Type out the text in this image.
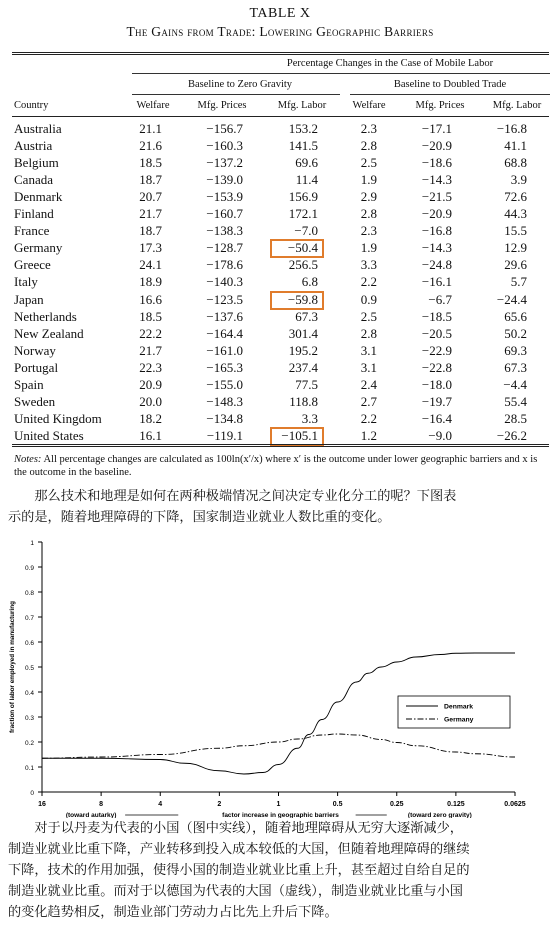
TABLE X
The Gains from Trade: Lowering Geographic Barriers
Percentage Changes in the Case of Mobile Labor
Baseline to Zero Gravity	Baseline to Doubled Trade
Country	Welfare	Mfg. Prices	Mfg. Labor	Welfare	Mfg. Prices	Mfg. Labor
Australia	21.1	−156.7	153.2	2.3	−17.1	−16.8
Austria	21.6	−160.3	141.5	2.8	−20.9	41.1
Belgium	18.5	−137.2	69.6	2.5	−18.6	68.8
Canada	18.7	−139.0	11.4	1.9	−14.3	3.9
Denmark	20.7	−153.9	156.9	2.9	−21.5	72.6
Finland	21.7	−160.7	172.1	2.8	−20.9	44.3
France	18.7	−138.3	−7.0	2.3	−16.8	15.5
Germany	17.3	−128.7	−50.4	1.9	−14.3	12.9
Greece	24.1	−178.6	256.5	3.3	−24.8	29.6
Italy	18.9	−140.3	6.8	2.2	−16.1	5.7
Japan	16.6	−123.5	−59.8	0.9	−6.7	−24.4
Netherlands	18.5	−137.6	67.3	2.5	−18.5	65.6
New Zealand	22.2	−164.4	301.4	2.8	−20.5	50.2
Norway	21.7	−161.0	195.2	3.1	−22.9	69.3
Portugal	22.3	−165.3	237.4	3.1	−22.8	67.3
Spain	20.9	−155.0	77.5	2.4	−18.0	−4.4
Sweden	20.0	−148.3	118.8	2.7	−19.7	55.4
United Kingdom	18.2	−134.8	3.3	2.2	−16.4	28.5
United States	16.1	−119.1	−105.1	1.2	−9.0	−26.2
Notes: All percentage changes are calculated as 100ln(x′/x) where x′ is the outcome under lower geographic barriers and x is the outcome in the baseline.
　　那么技术和地理是如何在两种极端情况之间决定专业化分工的呢？下图表
示的是，随着地理障碍的下降，国家制造业就业人数比重的变化。
0
0.1
0.2
0.3
0.4
0.5
0.6
0.7
0.8
0.9
1
16	8	4	2	1	0.5	0.25	0.125	0.0625
fraction of labor employed in manufacturing
(toward autarky)	factor increase in geographic barriers	(toward zero gravity)
Denmark
Germany
　　对于以丹麦为代表的小国（图中实线），随着地理障碍从无穷大逐渐减少，
制造业就业比重下降，产业转移到投入成本较低的大国，但随着地理障碍的继续
下降，技术的作用加强，使得小国的制造业就业比重上升，甚至超过自给自足的
制造业就业比重。而对于以德国为代表的大国（虚线），制造业就业比重与小国
的变化趋势相反，制造业部门劳动力占比先上升后下降。
